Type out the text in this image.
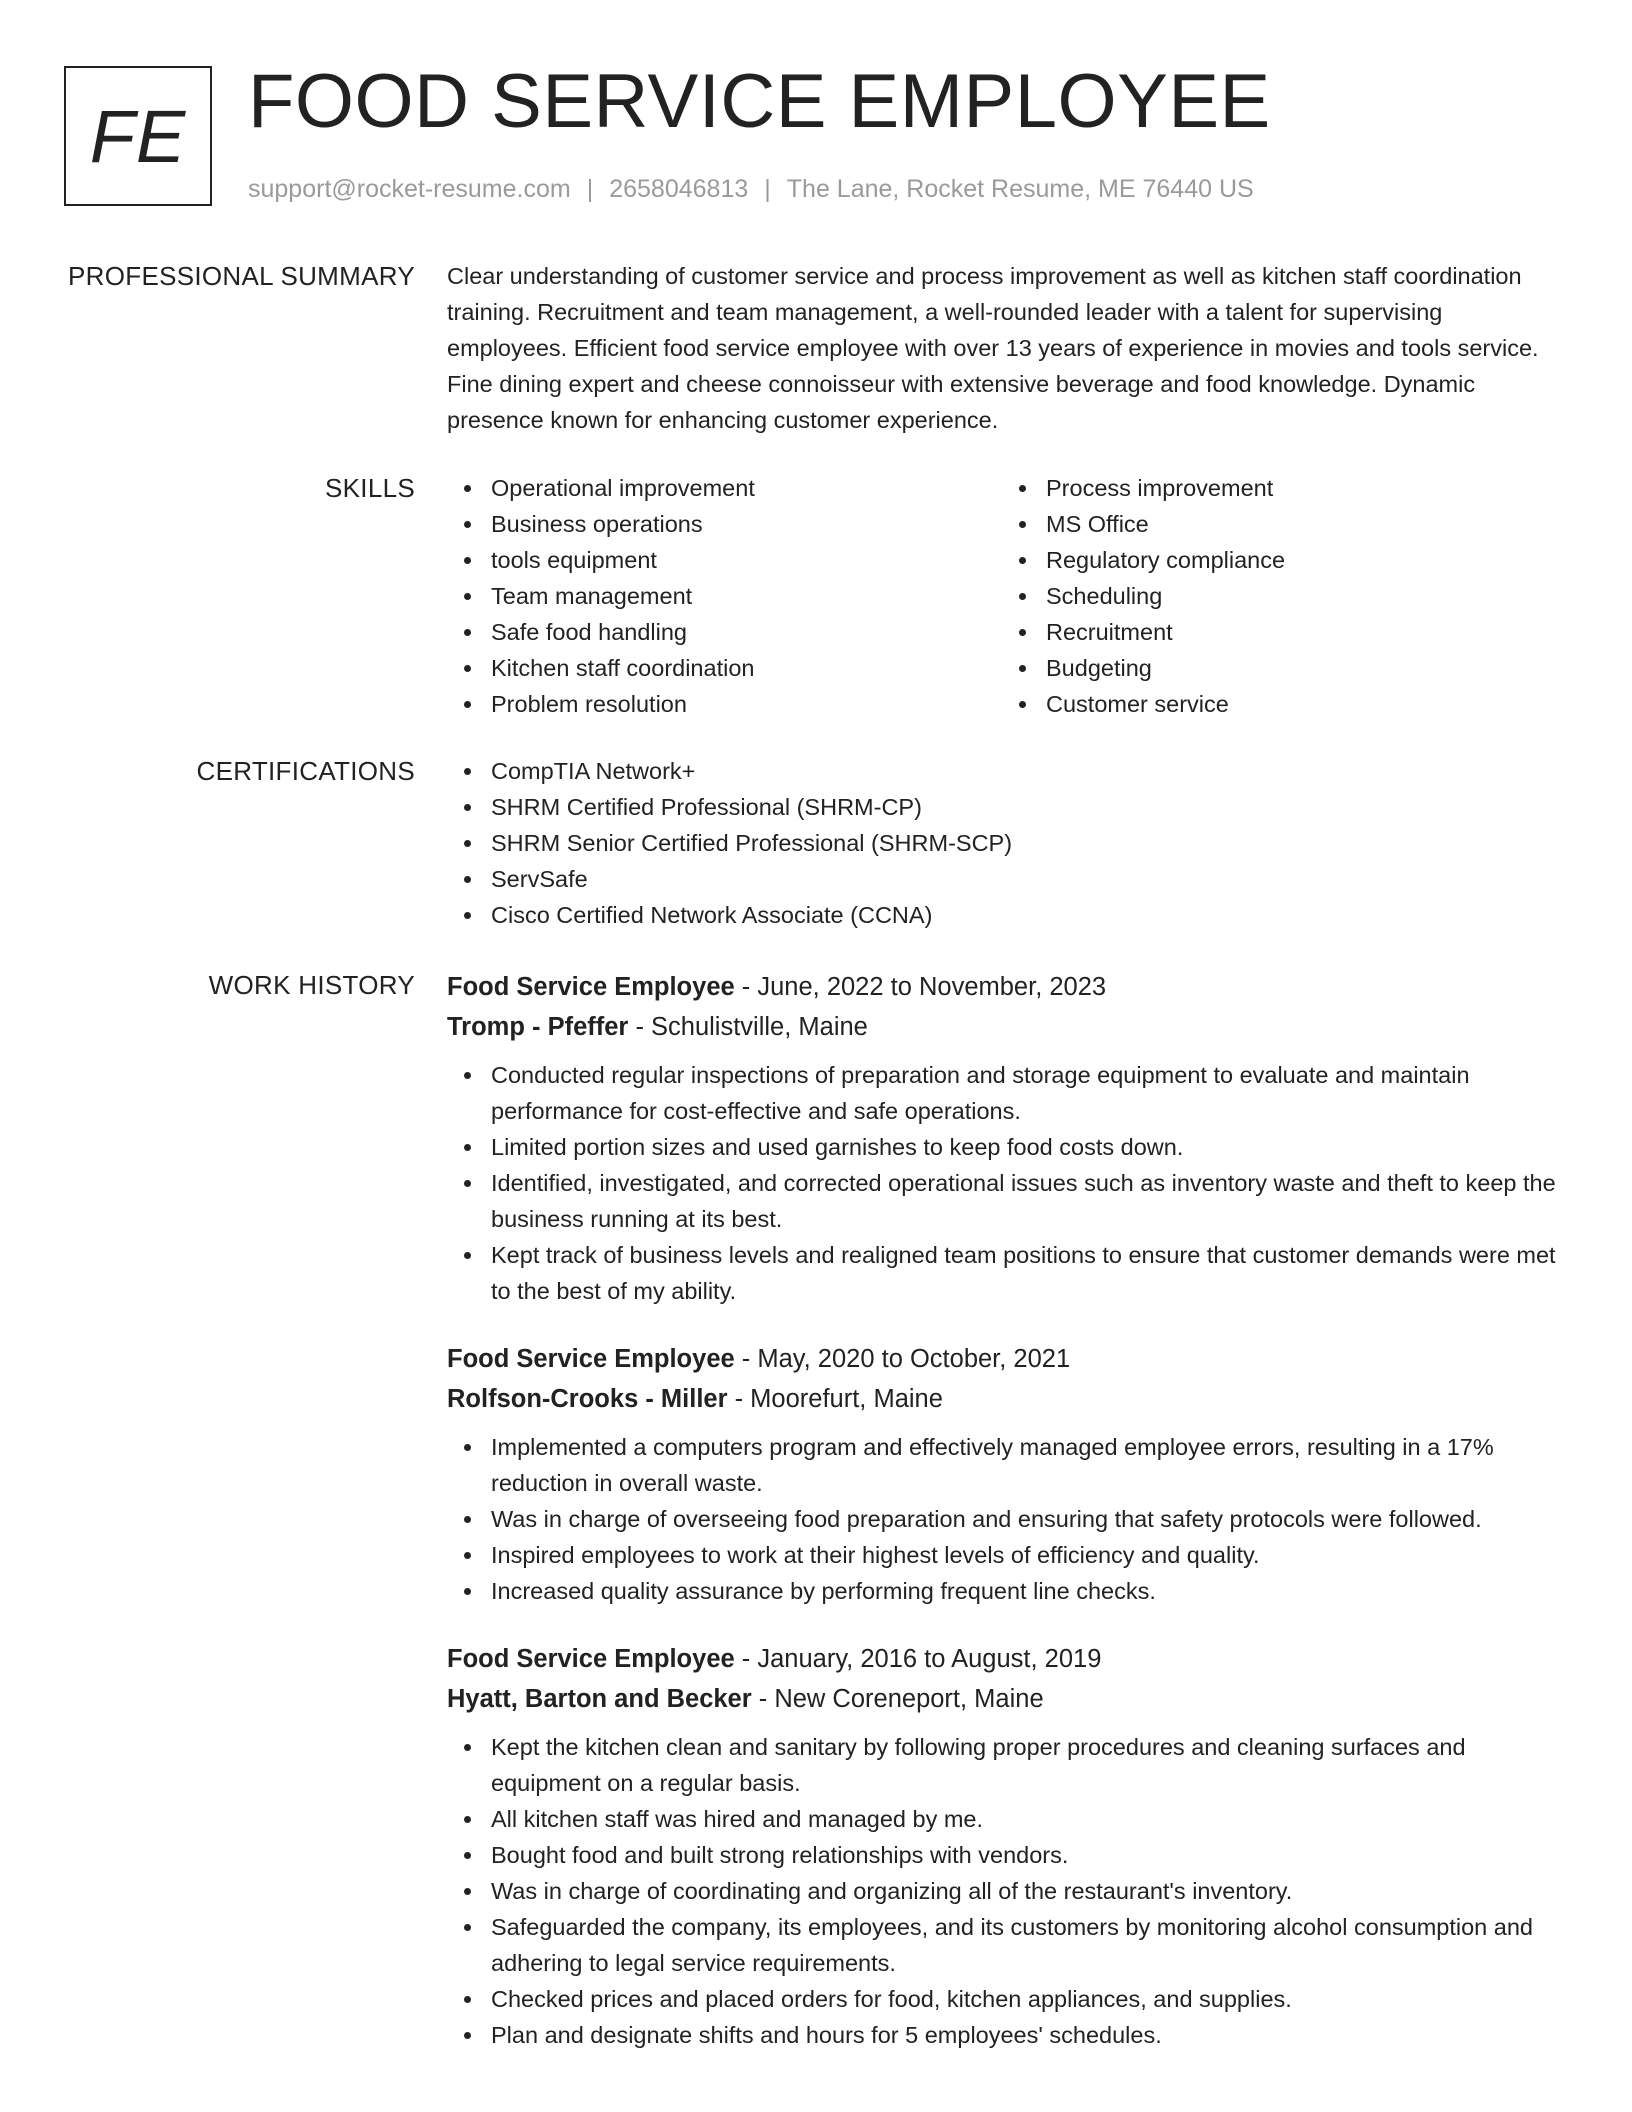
FE FOOD SERVICE EMPLOYEE
support@rocket-resume.com | 2658046813 | The Lane, Rocket Resume, ME 76440 US
PROFESSIONAL SUMMARY Clear understanding of customer service and process improvement as well as kitchen staff coordination training. Recruitment and team management, a well-rounded leader with a talent for supervising employees. Efficient food service employee with over 13 years of experience in movies and tools service. Fine dining expert and cheese connoisseur with extensive beverage and food knowledge. Dynamic presence known for enhancing customer experience.
SKILLS	Operational improvement
Business operations
tools equipment
Team management
Safe food handling
Kitchen staff coordination
Problem resolution
Process improvement
MS Office
Regulatory compliance
Scheduling
Recruitment
Budgeting
Customer service
CERTIFICATIONS	CompTIA Network+
SHRM Certified Professional (SHRM-CP)
SHRM Senior Certified Professional (SHRM-SCP)
ServSafe
Cisco Certified Network Associate (CCNA)
WORK HISTORY Food Service Employee - June, 2022 to November, 2023
Tromp - Pfeffer - Schulistville, Maine
Conducted regular inspections of preparation and storage equipment to evaluate and maintain performance for cost-effective and safe operations.
Limited portion sizes and used garnishes to keep food costs down.
Identified, investigated, and corrected operational issues such as inventory waste and theft to keep the business running at its best.
Kept track of business levels and realigned team positions to ensure that customer demands were met to the best of my ability.
Food Service Employee - May, 2020 to October, 2021
Rolfson-Crooks - Miller - Moorefurt, Maine
Implemented a computers program and effectively managed employee errors, resulting in a 17% reduction in overall waste.
Was in charge of overseeing food preparation and ensuring that safety protocols were followed.
Inspired employees to work at their highest levels of efficiency and quality.
Increased quality assurance by performing frequent line checks.
Food Service Employee - January, 2016 to August, 2019
Hyatt, Barton and Becker - New Coreneport, Maine
Kept the kitchen clean and sanitary by following proper procedures and cleaning surfaces and equipment on a regular basis.
All kitchen staff was hired and managed by me.
Bought food and built strong relationships with vendors.
Was in charge of coordinating and organizing all of the restaurant's inventory.
Safeguarded the company, its employees, and its customers by monitoring alcohol consumption and adhering to legal service requirements.
Checked prices and placed orders for food, kitchen appliances, and supplies.
Plan and designate shifts and hours for 5 employees' schedules.
